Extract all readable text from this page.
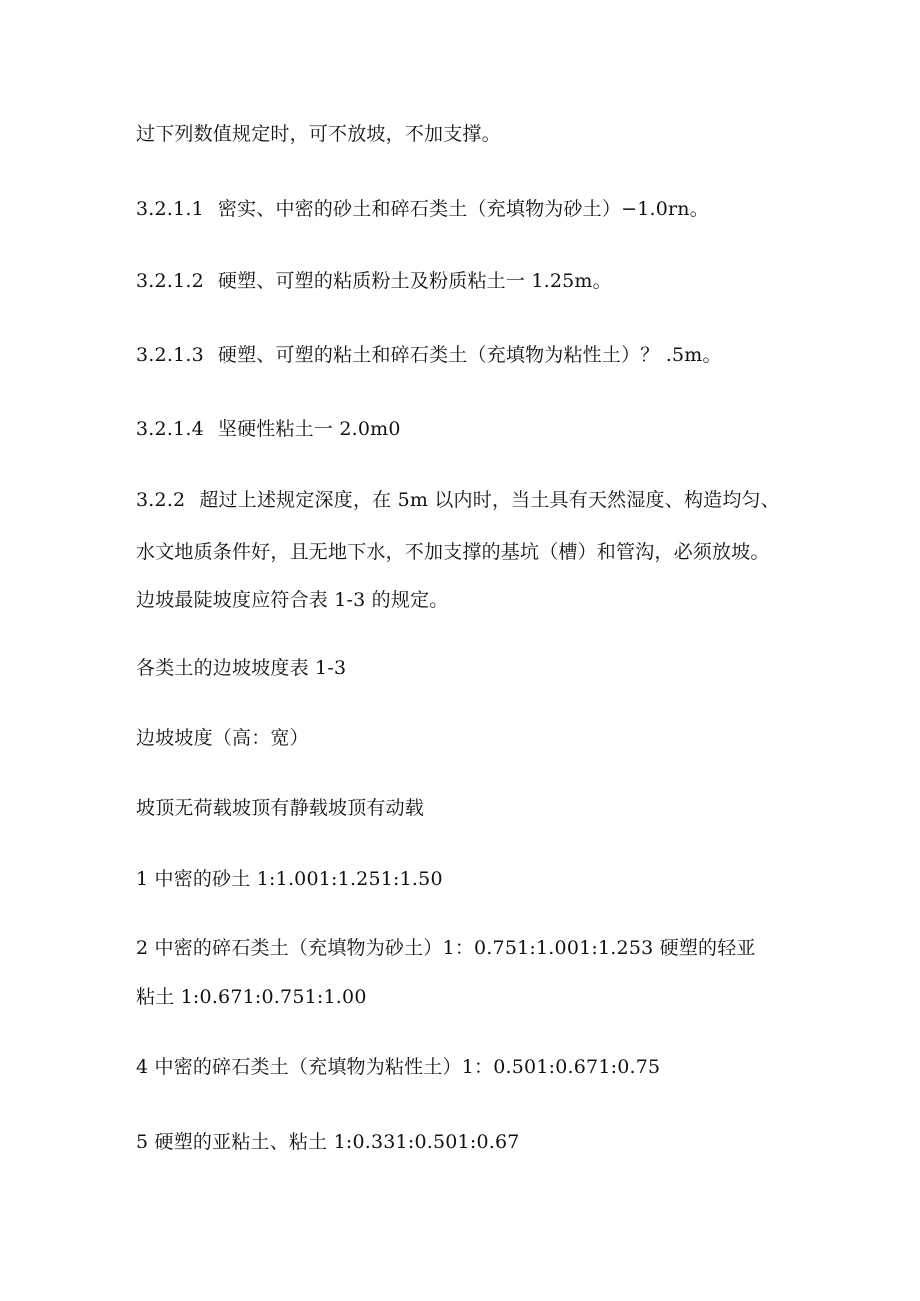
过下列数值规定时，可不放坡，不加支撑。
3.2.1.1 密实、中密的砂土和碎石类土（充填物为砂土）−1.0rn。
3.2.1.2 硬塑、可塑的粘质粉土及粉质粘土一 1.25m。
3.2.1.3 硬塑、可塑的粘土和碎石类土（充填物为粘性土）？ .5m。
3.2.1.4 坚硬性粘土一 2.0m0
3.2.2 超过上述规定深度，在 5m 以内时，当土具有天然湿度、构造均匀、
水文地质条件好，且无地下水，不加支撑的基坑（槽）和管沟，必须放坡。
边坡最陡坡度应符合表 1-3 的规定。
各类土的边坡坡度表 1-3
边坡坡度（高：宽）
坡顶无荷载坡顶有静载坡顶有动载
1 中密的砂土 1:1.001:1.251:1.50
2 中密的碎石类土（充填物为砂土）1：0.751:1.001:1.253 硬塑的轻亚
粘土 1:0.671:0.751:1.00
4 中密的碎石类土（充填物为粘性土）1：0.501:0.671:0.75
5 硬塑的亚粘土、粘土 1:0.331:0.501:0.67
